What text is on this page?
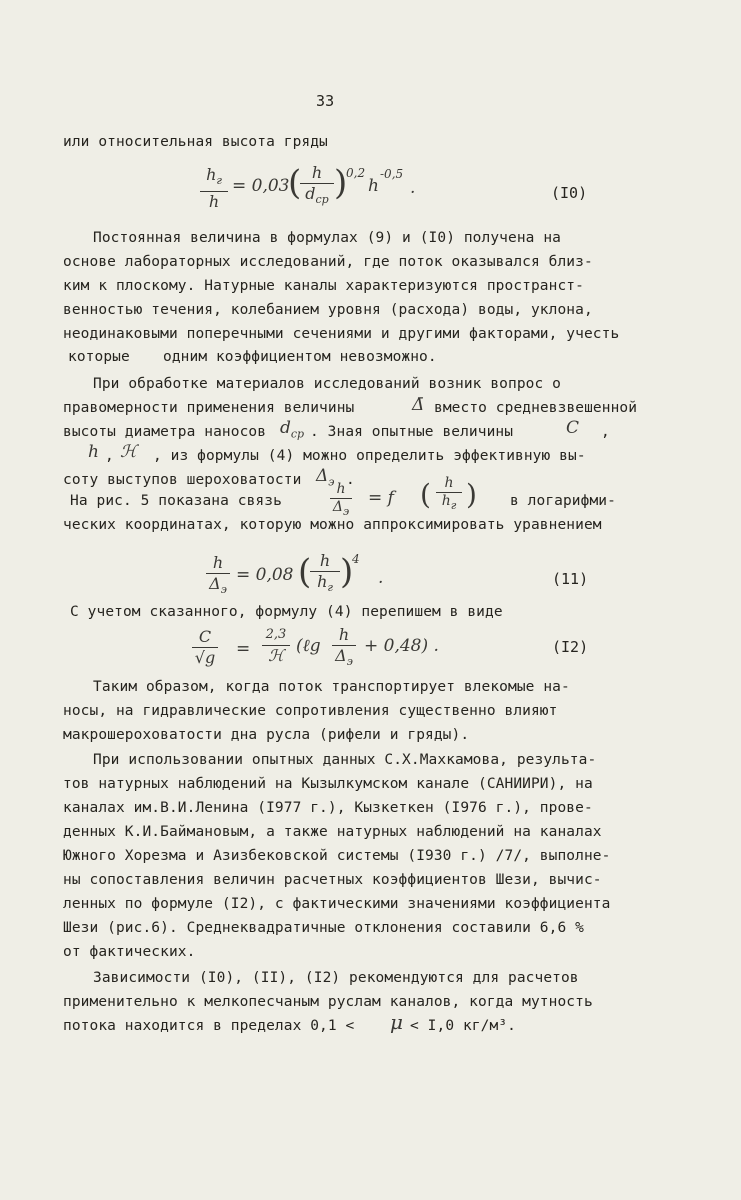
33
или относительная высота гряды
$h_г$
h
= 0,03
( h
$d_{ср}$ )
0,2
h
-0,5
.	(I0)
Постоянная величина в формулах (9) и (I0) получена на
основе лабораторных исследований, где поток оказывался близ-
ким к плоскому. Натурные каналы характеризуются пространст-
венностью течения, колебанием уровня (расхода) воды, уклона,
неодинаковыми поперечными сечениями и другими факторами, учесть
которые одним коэффициентом невозможно.
При обработке материалов исследований возник вопрос о
правомерности применения величины	Δ̄ вместо средневзвешенной
высоты диаметра наносов $d_{ср}$ . Зная опытные величины	C ,
h , ℋ , из формулы (4) можно определить эффективную вы-
соту выступов шероховатости $\Delta_э$ .
На рис. 5 показана связь
h
$\Delta_э$
= f ( h
$h_г$ ) в логарифми-
ческих координатах, которую можно аппроксимировать уравнением
h
$\Delta_э$
= 0,08 ( h
$h_г$ )
4
.	(11)
С учетом сказанного, формулу (4) перепишем в виде
C
√g =
2,3
ℋ (ℓg
h
$\Delta_э$
+ 0,48) .	(I2)
Таким образом, когда поток транспортирует влекомые на-
носы, на гидравлические сопротивления существенно влияют
макрошероховатости дна русла (рифели и гряды).
При использовании опытных данных С.Х.Махкамова, результа-
тов натурных наблюдений на Кызылкумском канале (САНИИРИ), на
каналах им.В.И.Ленина (I977 г.), Кызкеткен (I976 г.), прове-
денных К.И.Баймановым, а также натурных наблюдений на каналах
Южного Хорезма и Азизбековской системы (I930 г.) /7/, выполне-
ны сопоставления величин расчетных коэффициентов Шези, вычис-
ленных по формуле (I2), с фактическими значениями коэффициента
Шези (рис.6). Среднеквадратичные отклонения составили 6,6 %
от фактических.
Зависимости (I0), (II), (I2) рекомендуются для расчетов
применительно к мелкопесчаным руслам каналов, когда мутность
потока находится в пределах 0,1 < μ < I,0 кг/м³.
